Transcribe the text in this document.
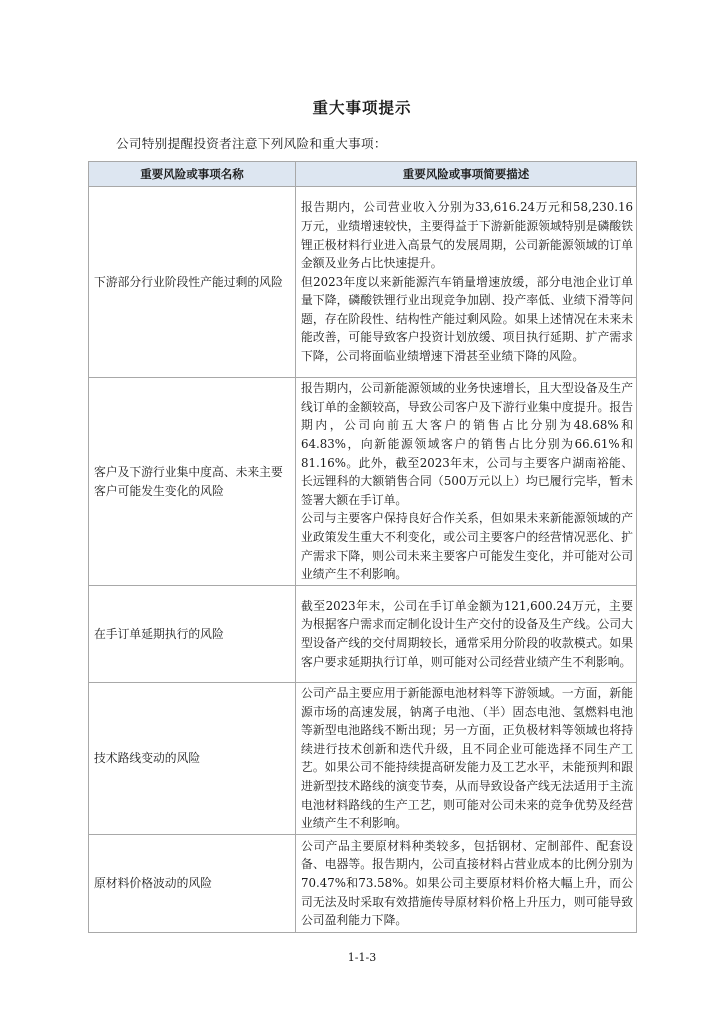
重大事项提示
公司特别提醒投资者注意下列风险和重大事项：
重要风险或事项名称	重要风险或事项简要描述
下游部分行业阶段性产能过剩的风险	报告期内，公司营业收入分别为33,616.24万元和58,230.16万元，业绩增速较快，主要得益于下游新能源领域特别是磷酸铁锂正极材料行业进入高景气的发展周期，公司新能源领域的订单金额及业务占比快速提升。

但2023年度以来新能源汽车销量增速放缓，部分电池企业订单量下降，磷酸铁锂行业出现竞争加剧、投产率低、业绩下滑等问题，存在阶段性、结构性产能过剩风险。如果上述情况在未来未能改善，可能导致客户投资计划放缓、项目执行延期、扩产需求下降，公司将面临业绩增速下滑甚至业绩下降的风险。

客户及下游行业集中度高、未来主要客户可能发生变化的风险	报告期内，公司新能源领域的业务快速增长，且大型设备及生产线订单的金额较高，导致公司客户及下游行业集中度提升。报告期内，公司向前五大客户的销售占比分别为48.68%和 64.83%，向新能源领域客户的销售占比分别为66.61%和81.16%。此外，截至2023年末，公司与主要客户湖南裕能、长远锂科的大额销售合同（500万元以上）均已履行完毕，暂未签署大额在手订单。

公司与主要客户保持良好合作关系，但如果未来新能源领域的产业政策发生重大不利变化，或公司主要客户的经营情况恶化、扩产需求下降，则公司未来主要客户可能发生变化，并可能对公司业绩产生不利影响。

在手订单延期执行的风险	截至2023年末，公司在手订单金额为121,600.24万元，主要为根据客户需求而定制化设计生产交付的设备及生产线。公司大型设备产线的交付周期较长，通常采用分阶段的收款模式。如果客户要求延期执行订单，则可能对公司经营业绩产生不利影响。

技术路线变动的风险	公司产品主要应用于新能源电池材料等下游领域。一方面，新能源市场的高速发展，钠离子电池、（半）固态电池、氢燃料电池等新型电池路线不断出现；另一方面，正负极材料等领域也将持续进行技术创新和迭代升级，且不同企业可能选择不同生产工艺。如果公司不能持续提高研发能力及工艺水平，未能预判和跟进新型技术路线的演变节奏，从而导致设备产线无法适用于主流电池材料路线的生产工艺，则可能对公司未来的竞争优势及经营业绩产生不利影响。

原材料价格波动的风险	公司产品主要原材料种类较多，包括钢材、定制部件、配套设备、电器等。报告期内，公司直接材料占营业成本的比例分别为70.47%和73.58%。如果公司主要原材料价格大幅上升，而公司无法及时采取有效措施传导原材料价格上升压力，则可能导致公司盈利能力下降。

1-1-3
